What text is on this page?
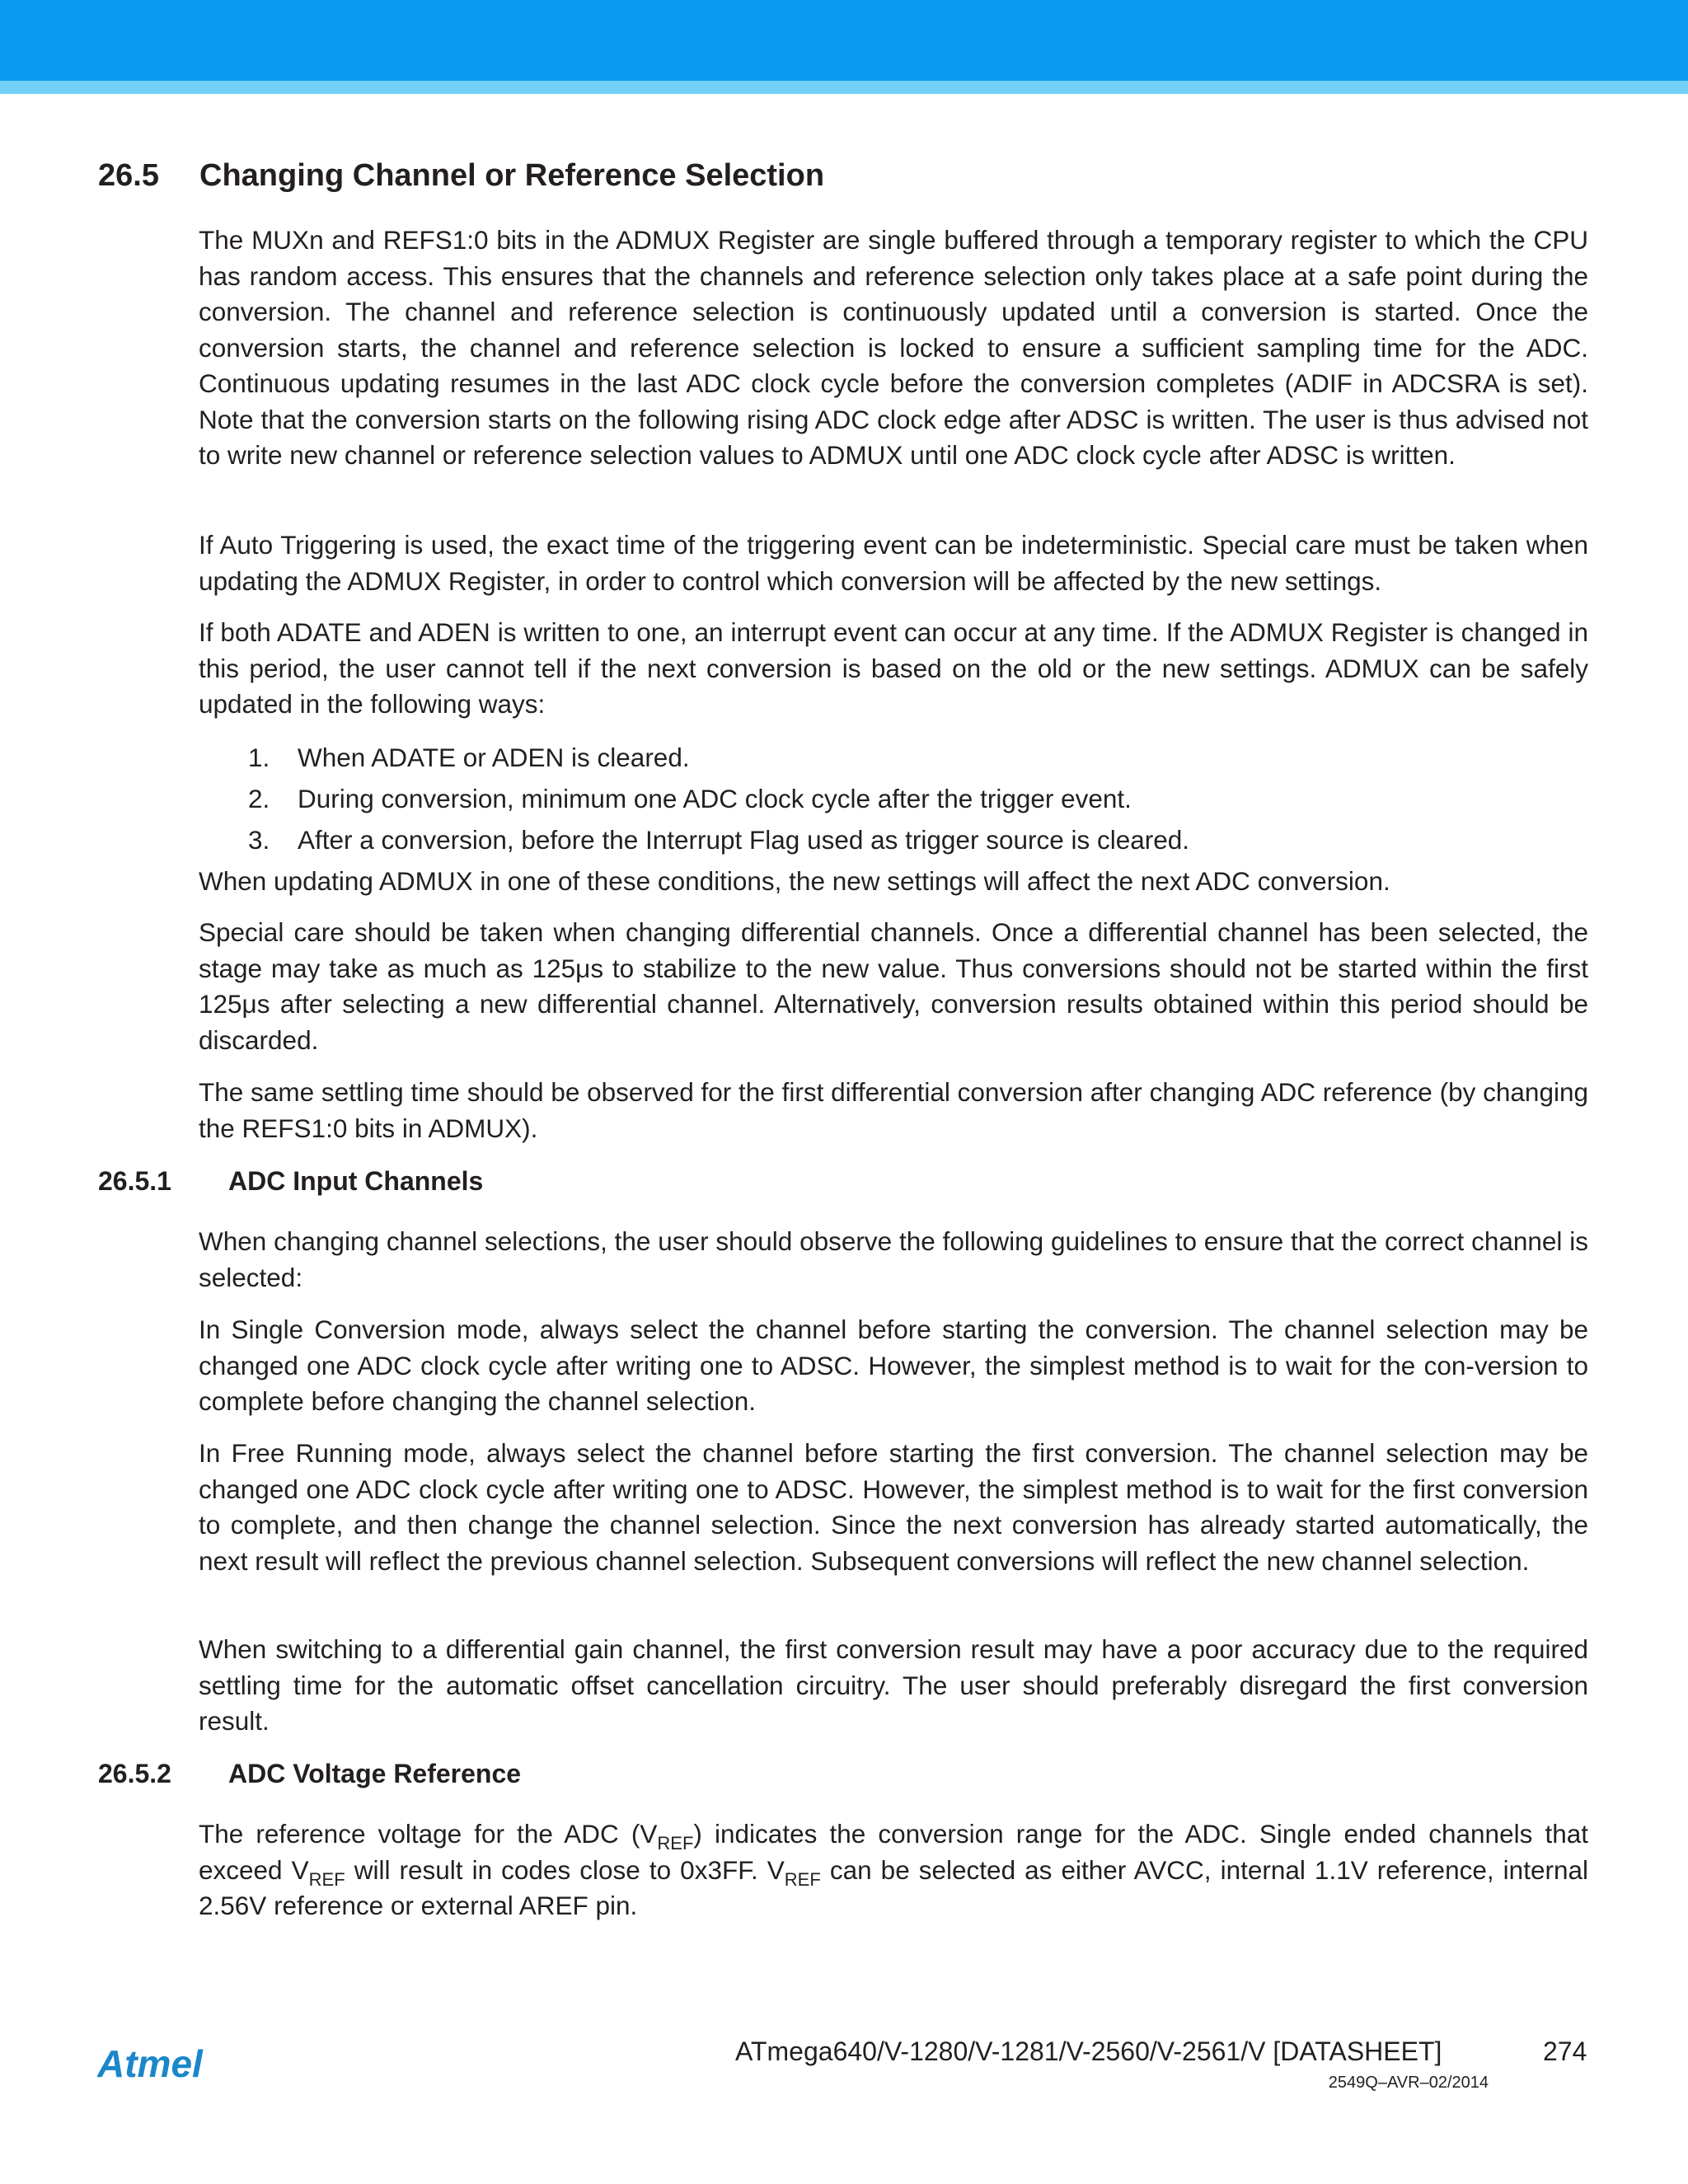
26.5 Changing Channel or Reference Selection

The MUXn and REFS1:0 bits in the ADMUX Register are single buffered through a temporary register to which the CPU has random access. This ensures that the channels and reference selection only takes place at a safe point during the conversion. The channel and reference selection is continuously updated until a conversion is started. Once the conversion starts, the channel and reference selection is locked to ensure a sufficient sampling time for the ADC. Continuous updating resumes in the last ADC clock cycle before the conversion completes (ADIF in ADCSRA is set). Note that the conversion starts on the following rising ADC clock edge after ADSC is written. The user is thus advised not to write new channel or reference selection values to ADMUX until one ADC clock cycle after ADSC is written.

If Auto Triggering is used, the exact time of the triggering event can be indeterministic. Special care must be taken when updating the ADMUX Register, in order to control which conversion will be affected by the new settings.

If both ADATE and ADEN is written to one, an interrupt event can occur at any time. If the ADMUX Register is changed in this period, the user cannot tell if the next conversion is based on the old or the new settings. ADMUX can be safely updated in the following ways:

1. When ADATE or ADEN is cleared.
2. During conversion, minimum one ADC clock cycle after the trigger event.
3. After a conversion, before the Interrupt Flag used as trigger source is cleared.

When updating ADMUX in one of these conditions, the new settings will affect the next ADC conversion.

Special care should be taken when changing differential channels. Once a differential channel has been selected, the stage may take as much as 125μs to stabilize to the new value. Thus conversions should not be started within the first 125μs after selecting a new differential channel. Alternatively, conversion results obtained within this period should be discarded.

The same settling time should be observed for the first differential conversion after changing ADC reference (by changing the REFS1:0 bits in ADMUX).

26.5.1 ADC Input Channels

When changing channel selections, the user should observe the following guidelines to ensure that the correct channel is selected:

In Single Conversion mode, always select the channel before starting the conversion. The channel selection may be changed one ADC clock cycle after writing one to ADSC. However, the simplest method is to wait for the con-version to complete before changing the channel selection.

In Free Running mode, always select the channel before starting the first conversion. The channel selection may be changed one ADC clock cycle after writing one to ADSC. However, the simplest method is to wait for the first conversion to complete, and then change the channel selection. Since the next conversion has already started automatically, the next result will reflect the previous channel selection. Subsequent conversions will reflect the new channel selection.

When switching to a differential gain channel, the first conversion result may have a poor accuracy due to the required settling time for the automatic offset cancellation circuitry. The user should preferably disregard the first conversion result.

26.5.2 ADC Voltage Reference

The reference voltage for the ADC $(V_{REF})$ indicates the conversion range for the ADC. Single ended channels that exceed $V_{REF}$ will result in codes close to 0x3FF. $V_{REF}$ can be selected as either AVCC, internal 1.1V reference, internal 2.56V reference or external AREF pin.

Atmel	ATmega640/V-1280/V-1281/V-2560/V-2561/V [DATASHEET]	274
2549Q–AVR–02/2014
